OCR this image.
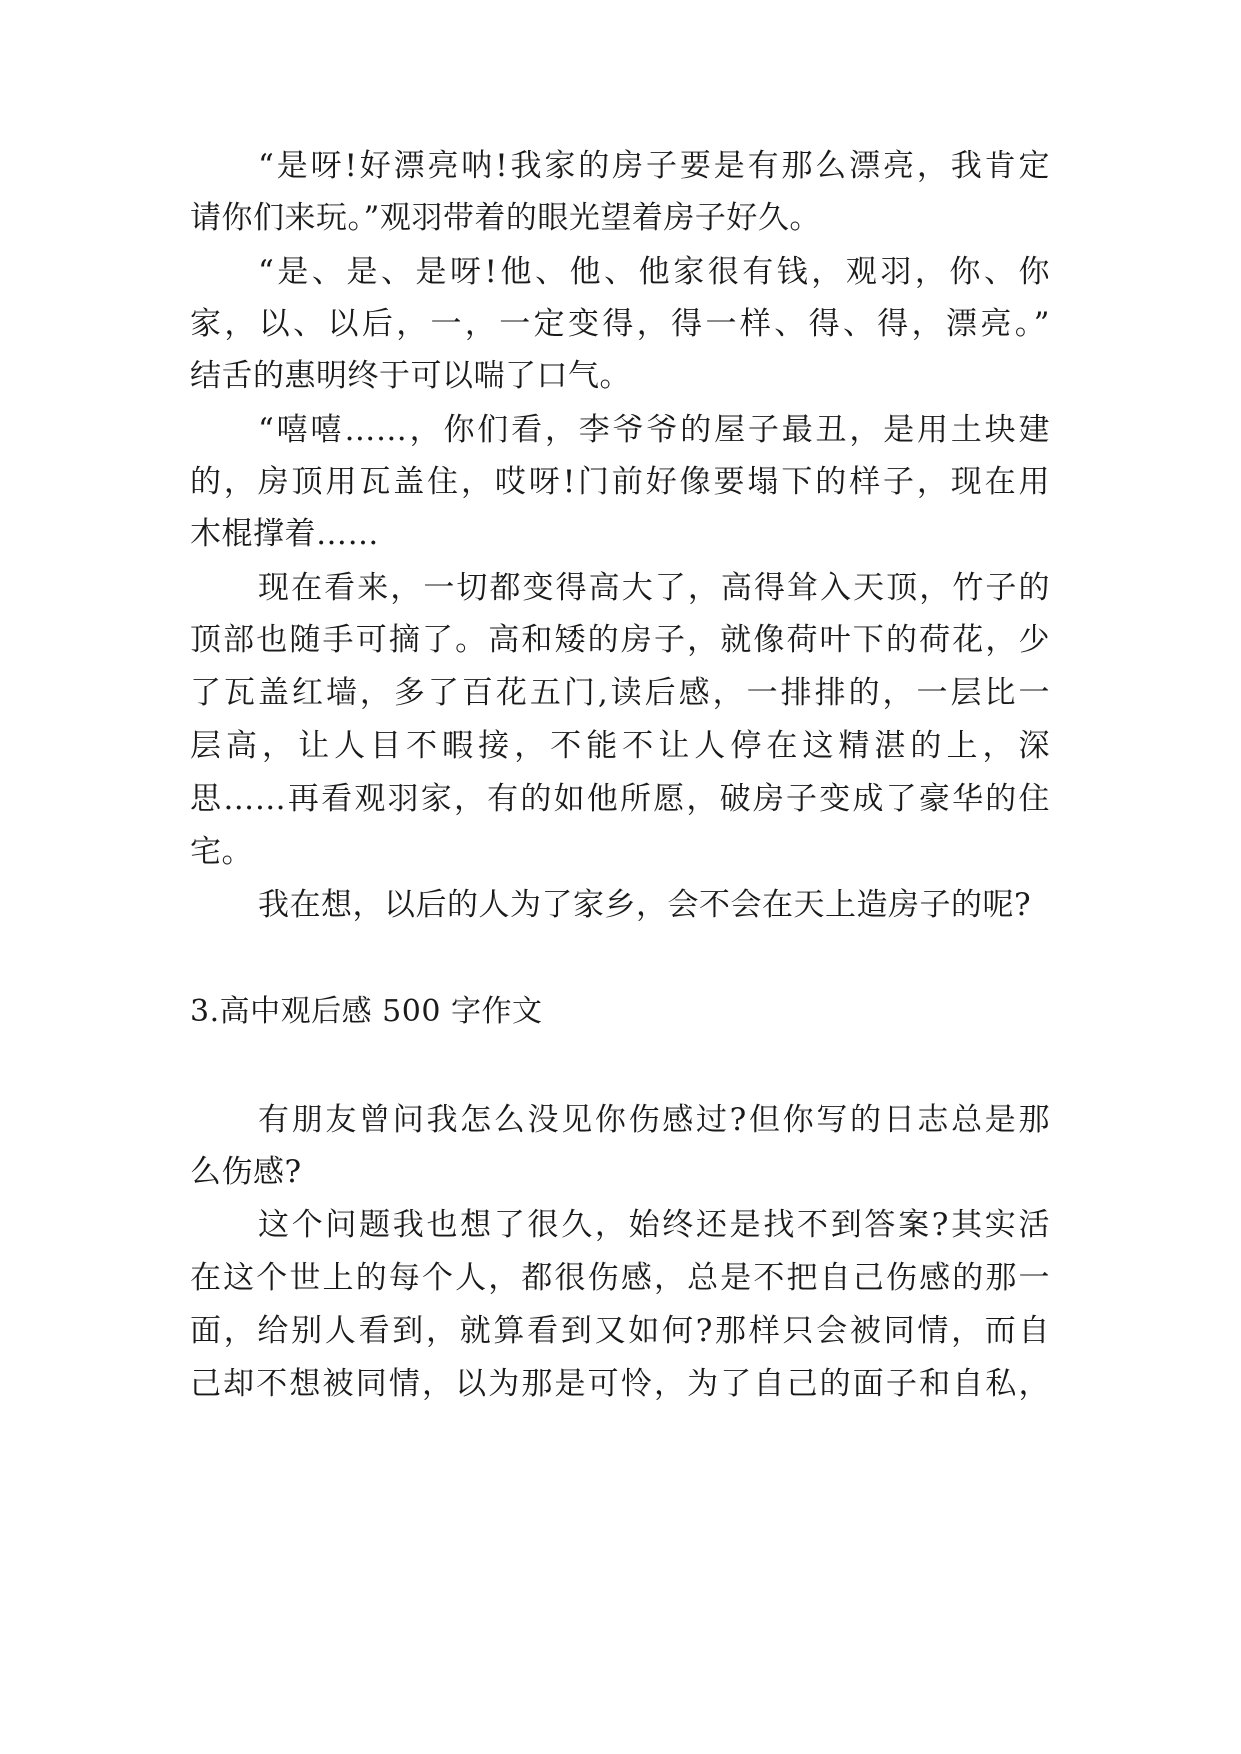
“是呀!好漂亮呐!我家的房子要是有那么漂亮，我肯定
请你们来玩。”观羽带着的眼光望着房子好久。
“是、是、是呀!他、他、他家很有钱，观羽，你、你
家，以、以后，一，一定变得，得一样、得、得，漂亮。”
结舌的惠明终于可以喘了口气。
“嘻嘻……，你们看，李爷爷的屋子最丑，是用土块建
的，房顶用瓦盖住，哎呀!门前好像要塌下的样子，现在用
木棍撑着……
现在看来，一切都变得高大了，高得耸入天顶，竹子的
顶部也随手可摘了。高和矮的房子，就像荷叶下的荷花，少
了瓦盖红墙，多了百花五门,读后感，一排排的，一层比一
层高，让人目不暇接，不能不让人停在这精湛的上，深
思……再看观羽家，有的如他所愿，破房子变成了豪华的住
宅。
我在想，以后的人为了家乡，会不会在天上造房子的呢?
3.高中观后感 500 字作文
有朋友曾问我怎么没见你伤感过?但你写的日志总是那
么伤感?
这个问题我也想了很久，始终还是找不到答案?其实活
在这个世上的每个人，都很伤感，总是不把自己伤感的那一
面，给别人看到，就算看到又如何?那样只会被同情，而自
己却不想被同情，以为那是可怜，为了自己的面子和自私，
